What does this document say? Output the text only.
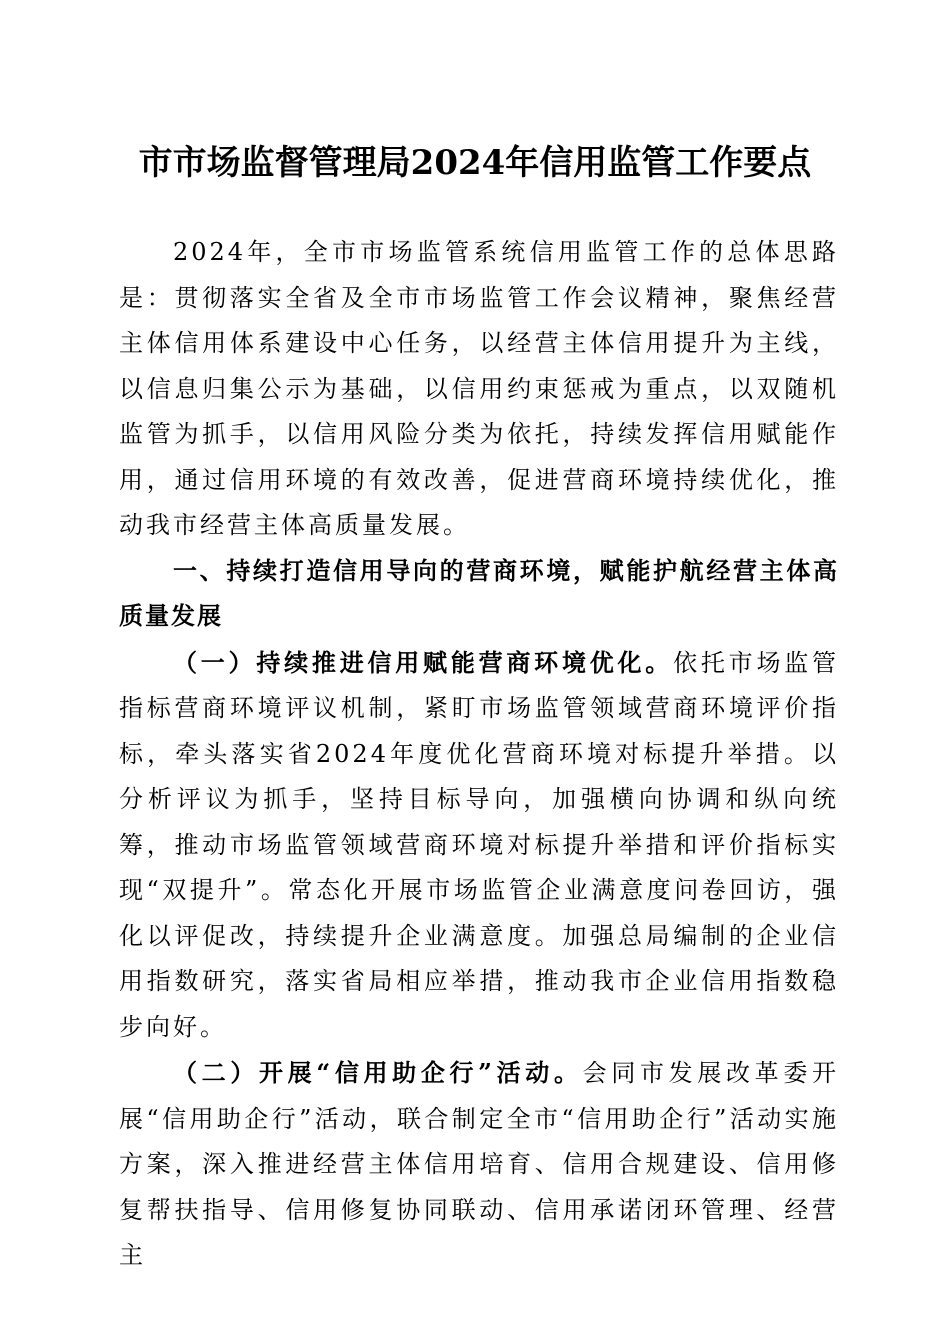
市市场监督管理局2024年信用监管工作要点

2024年，全市市场监管系统信用监管工作的总体思路是：贯彻落实全省及全市市场监管工作会议精神，聚焦经营主体信用体系建设中心任务，以经营主体信用提升为主线，以信息归集公示为基础，以信用约束惩戒为重点，以双随机监管为抓手，以信用风险分类为依托，持续发挥信用赋能作用，通过信用环境的有效改善，促进营商环境持续优化，推动我市经营主体高质量发展。

一、持续打造信用导向的营商环境，赋能护航经营主体高质量发展

（一）持续推进信用赋能营商环境优化。依托市场监管指标营商环境评议机制，紧盯市场监管领域营商环境评价指标，牵头落实省2024年度优化营商环境对标提升举措。以分析评议为抓手，坚持目标导向，加强横向协调和纵向统筹，推动市场监管领域营商环境对标提升举措和评价指标实现“双提升”。常态化开展市场监管企业满意度问卷回访，强化以评促改，持续提升企业满意度。加强总局编制的企业信用指数研究，落实省局相应举措，推动我市企业信用指数稳步向好。

（二）开展“信用助企行”活动。会同市发展改革委开展“信用助企行”活动，联合制定全市“信用助企行”活动实施方案，深入推进经营主体信用培育、信用合规建设、信用修复帮扶指导、信用修复协同联动、信用承诺闭环管理、经营主
